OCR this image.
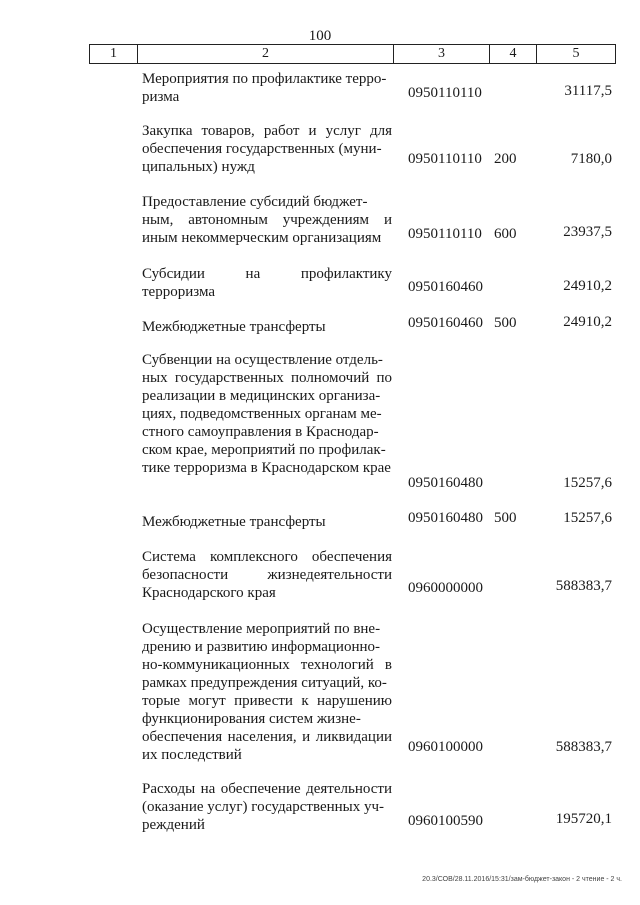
100
1	2	3	4	5
Мероприятия по профилактике терро-
ризма	0950110110	31117,5
Закупка товаров, работ и услуг для обеспечения государственных (муни-
ципальных) нужд	0950110110 200	7180,0
Предоставление субсидий бюджет-
ным, автономным учреждениям и иным некоммерческим организациям	0950110110 600	23937,5
Субсидии на профилактику терроризма	0950160460	24910,2
Межбюджетные трансферты	0950160460 500	24910,2
Субвенции на осуществление отдель-
ных государственных полномочий по реализации в медицинских организа-
циях, подведомственных органам ме-
стного самоуправления в Краснодар-
ском крае, мероприятий по профилак-
тике терроризма в Краснодарском крае
0950160480	15257,6
Межбюджетные трансферты	0950160480 500	15257,6
Система комплексного обеспечения безопасности жизнедеятельности Краснодарского края	0960000000	588383,7
Осуществление мероприятий по вне-
дрению и развитию информационно-
но-коммуникационных технологий в рамках предупреждения ситуаций, ко-
торые могут привести к нарушению функционирования систем жизне-
обеспечения населения, и ликвидации их последствий	0960100000	588383,7
Расходы на обеспечение деятельности (оказание услуг) государственных уч-
реждений	0960100590	195720,1
20.3/СОВ/28.11.2016/15:31/зам-бюджет-закон - 2 чтение - 2 ч.
